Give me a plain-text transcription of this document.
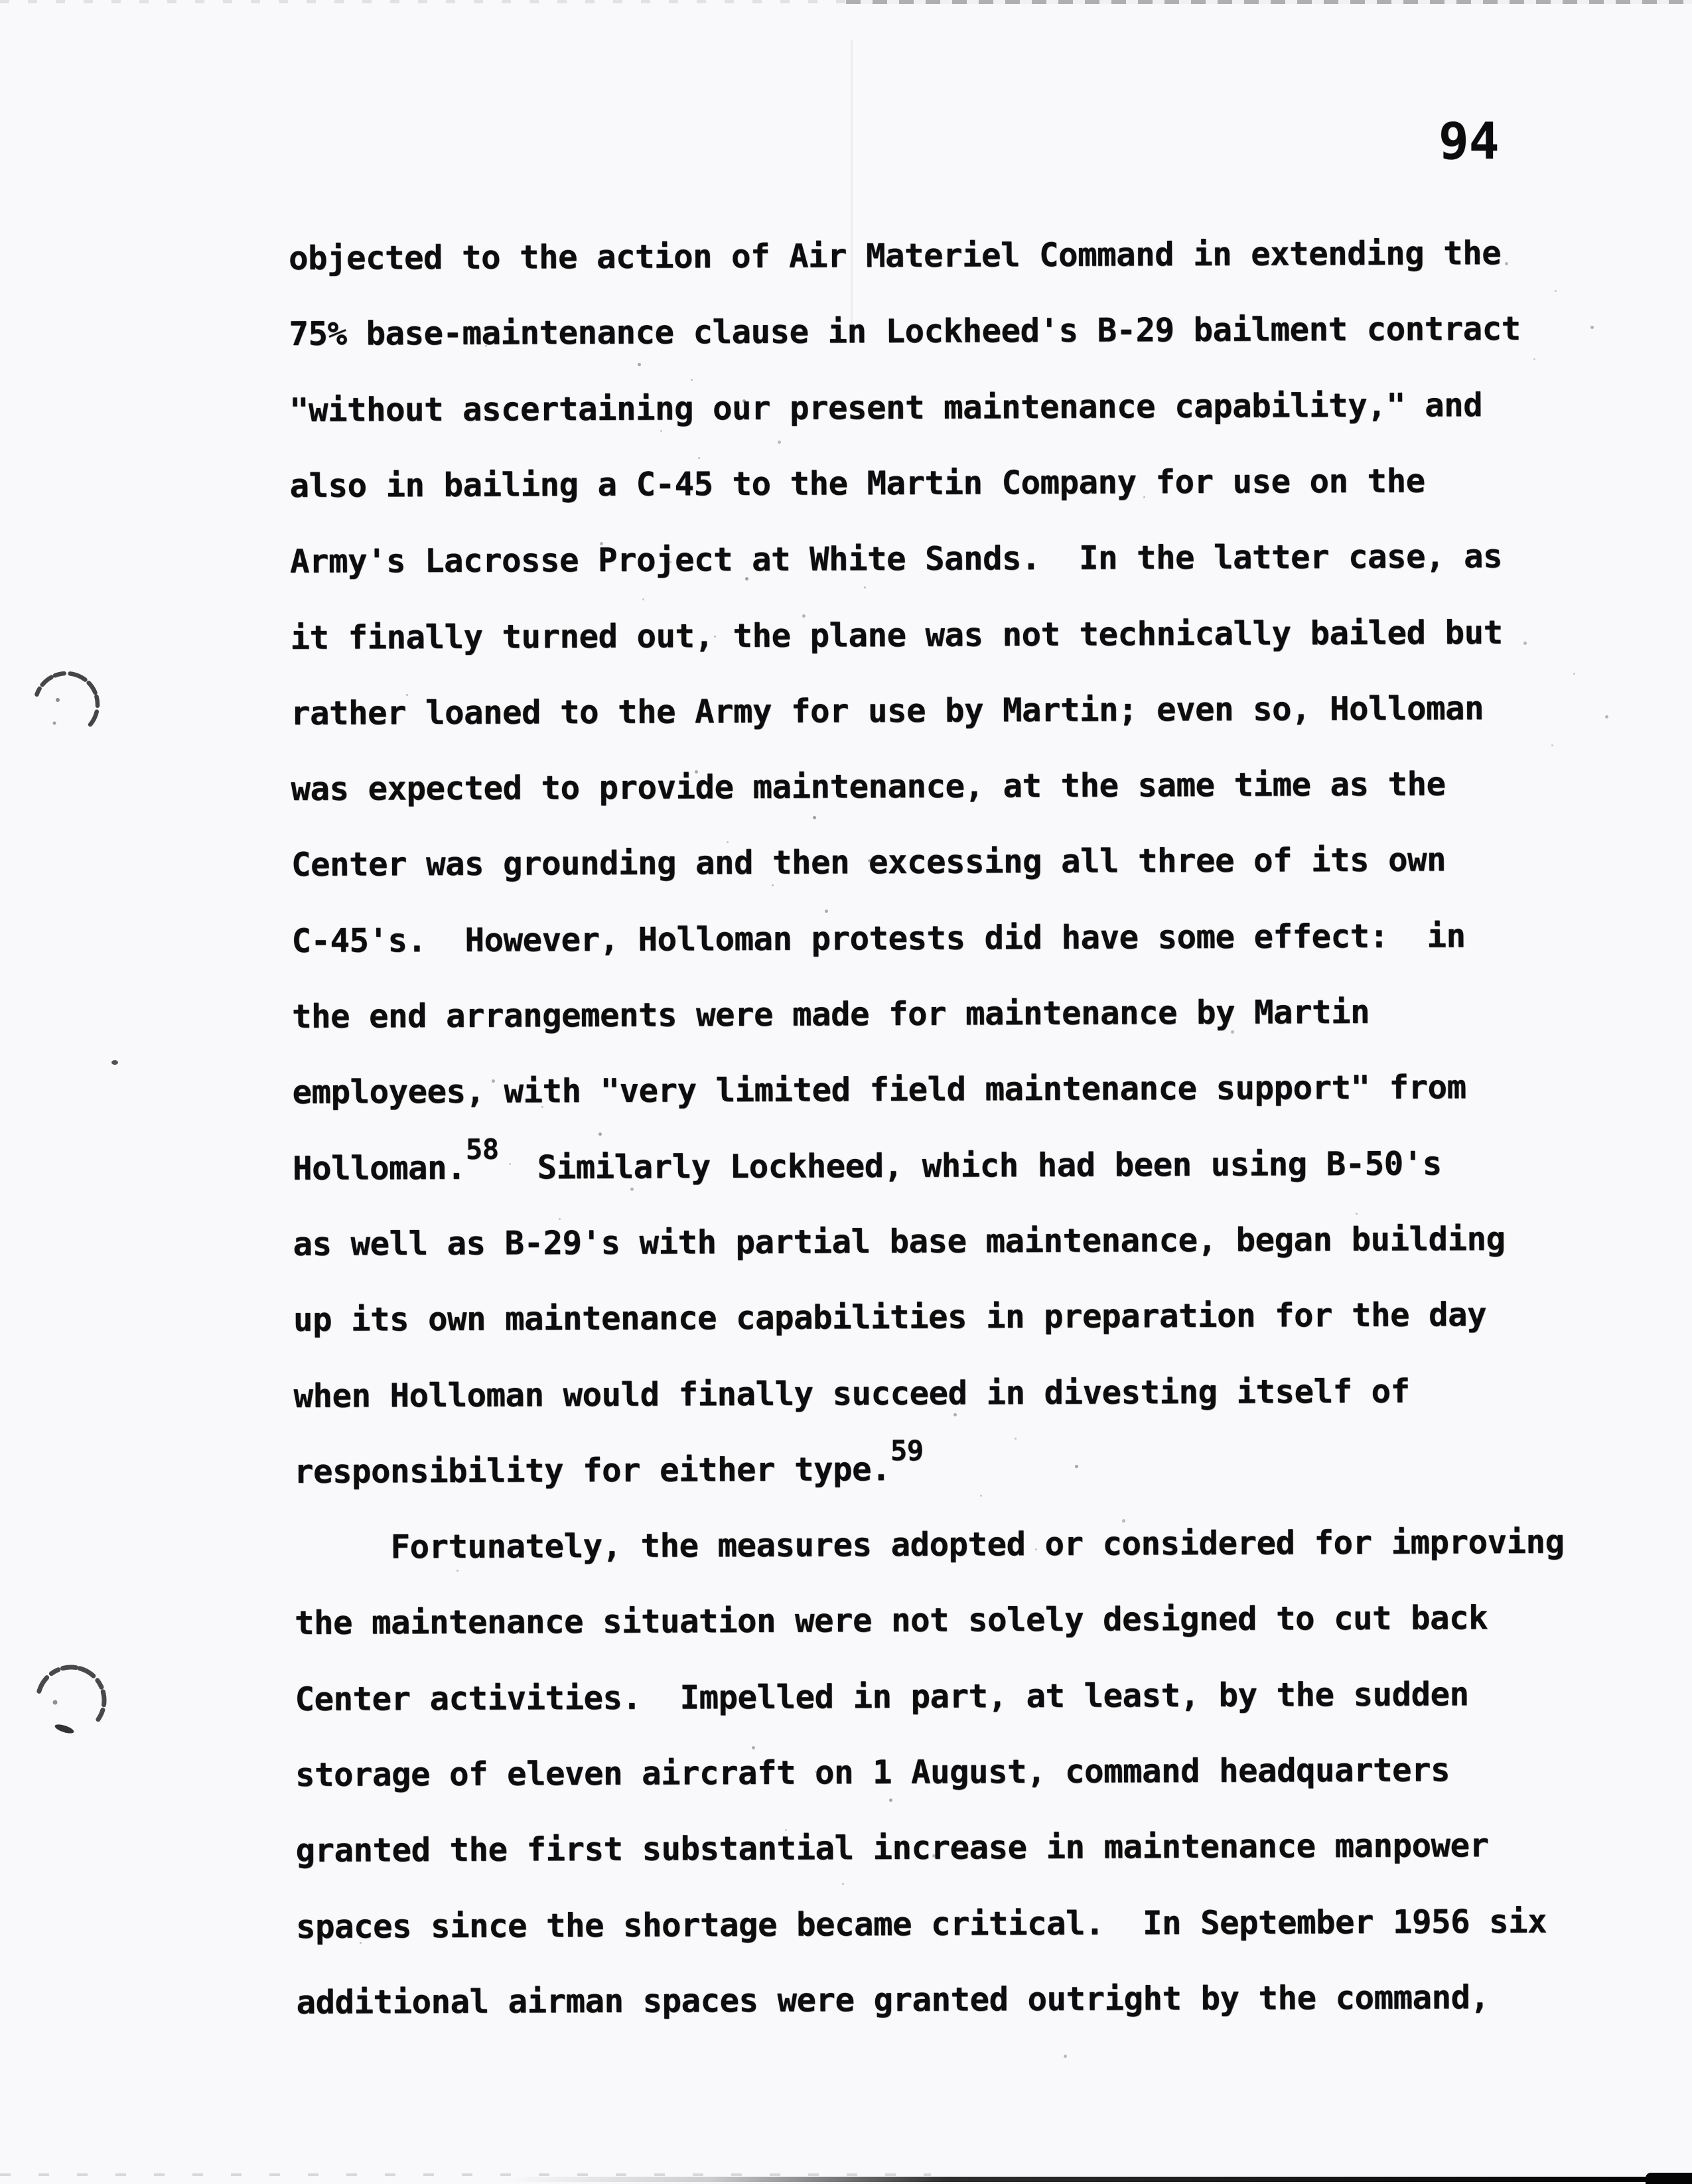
94
objected to the action of Air Materiel Command in extending the
75% base-maintenance clause in Lockheed's B-29 bailment contract
"without ascertaining our present maintenance capability," and
also in bailing a C-45 to the Martin Company for use on the
Army's Lacrosse Project at White Sands.  In the latter case, as
it finally turned out, the plane was not technically bailed but
rather loaned to the Army for use by Martin; even so, Holloman
was expected to provide maintenance, at the same time as the
Center was grounding and then excessing all three of its own
C-45's.  However, Holloman protests did have some effect:  in
the end arrangements were made for maintenance by Martin
employees, with "very limited field maintenance support" from
Holloman.58  Similarly Lockheed, which had been using B-50's
as well as B-29's with partial base maintenance, began building
up its own maintenance capabilities in preparation for the day
when Holloman would finally succeed in divesting itself of
responsibility for either type.59
Fortunately, the measures adopted or considered for improving
the maintenance situation were not solely designed to cut back
Center activities.  Impelled in part, at least, by the sudden
storage of eleven aircraft on 1 August, command headquarters
granted the first substantial increase in maintenance manpower
spaces since the shortage became critical.  In September 1956 six
additional airman spaces were granted outright by the command,
